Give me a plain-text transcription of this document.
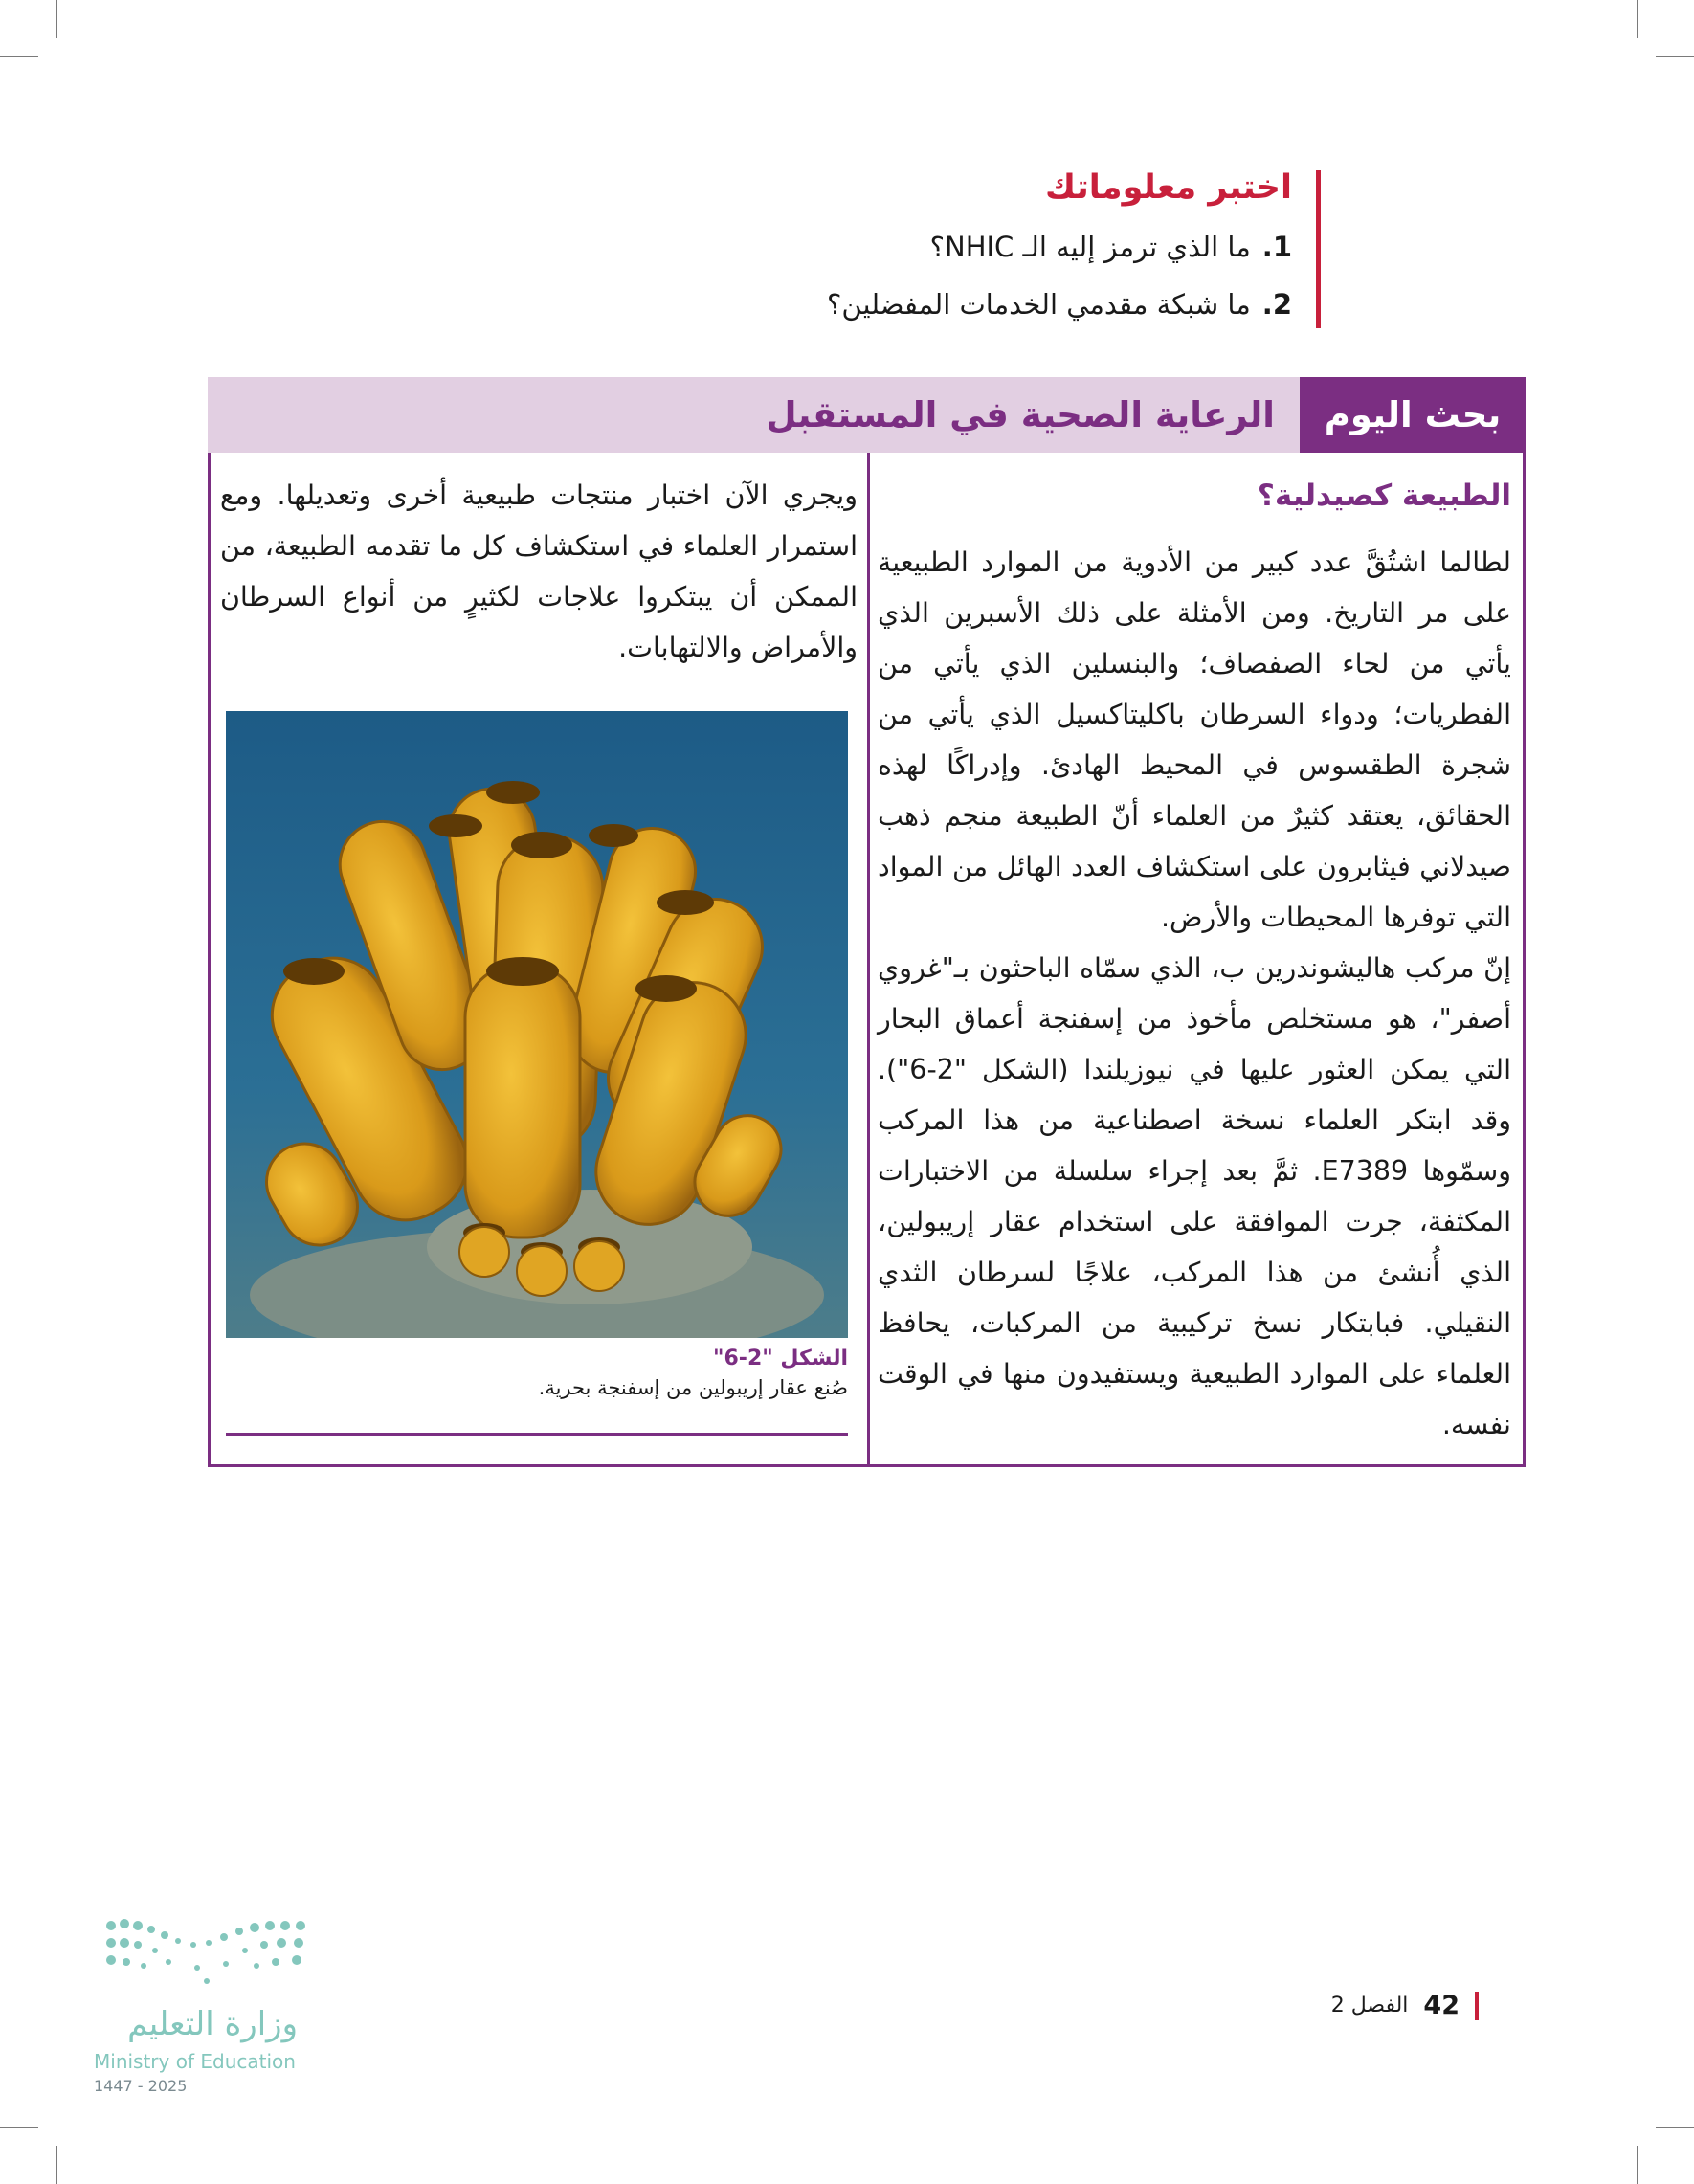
اختبر معلوماتك
1.ما الذي ترمز إليه الـ NHIC؟
2.ما شبكة مقدمي الخدمات المفضلين؟
بحث اليوم
الرعاية الصحية في المستقبل
الطبيعة كصيدلية؟

لطالما اشتُقَّ عدد كبير من الأدوية من الموارد الطبيعية على مر التاريخ. ومن الأمثلة على ذلك الأسبرين الذي يأتي من لحاء الصفصاف؛ والبنسلين الذي يأتي من الفطريات؛ ودواء السرطان باكليتاكسيل الذي يأتي من شجرة الطقسوس في المحيط الهادئ. وإدراكًا لهذه الحقائق، يعتقد كثيرٌ من العلماء أنّ الطبيعة منجم ذهب صيدلاني فيثابرون على استكشاف العدد الهائل من المواد التي توفرها المحيطات والأرض.

إنّ مركب هاليشوندرين ب، الذي سمّاه الباحثون بـ"غروي أصفر"، هو مستخلص مأخوذ من إسفنجة أعماق البحار التي يمكن العثور عليها في نيوزيلندا (الشكل "2-6"). وقد ابتكر العلماء نسخة اصطناعية من هذا المركب وسمّوها E7389. ثمَّ بعد إجراء سلسلة من الاختبارات المكثفة، جرت الموافقة على استخدام عقار إريبولين، الذي أُنشئ من هذا المركب، علاجًا لسرطان الثدي النقيلي. فبابتكار نسخ تركيبية من المركبات، يحافظ العلماء على الموارد الطبيعية ويستفيدون منها في الوقت نفسه.

ويجري الآن اختبار منتجات طبيعية أخرى وتعديلها. ومع استمرار العلماء في استكشاف كل ما تقدمه الطبيعة، من الممكن أن يبتكروا علاجات لكثيرٍ من أنواع السرطان والأمراض والالتهابات.

الشكل "2-6"
صُنع عقار إريبولين من إسفنجة بحرية.
42
الفصل 2
وزارة التعليم
Ministry of Education
2025 - 1447
